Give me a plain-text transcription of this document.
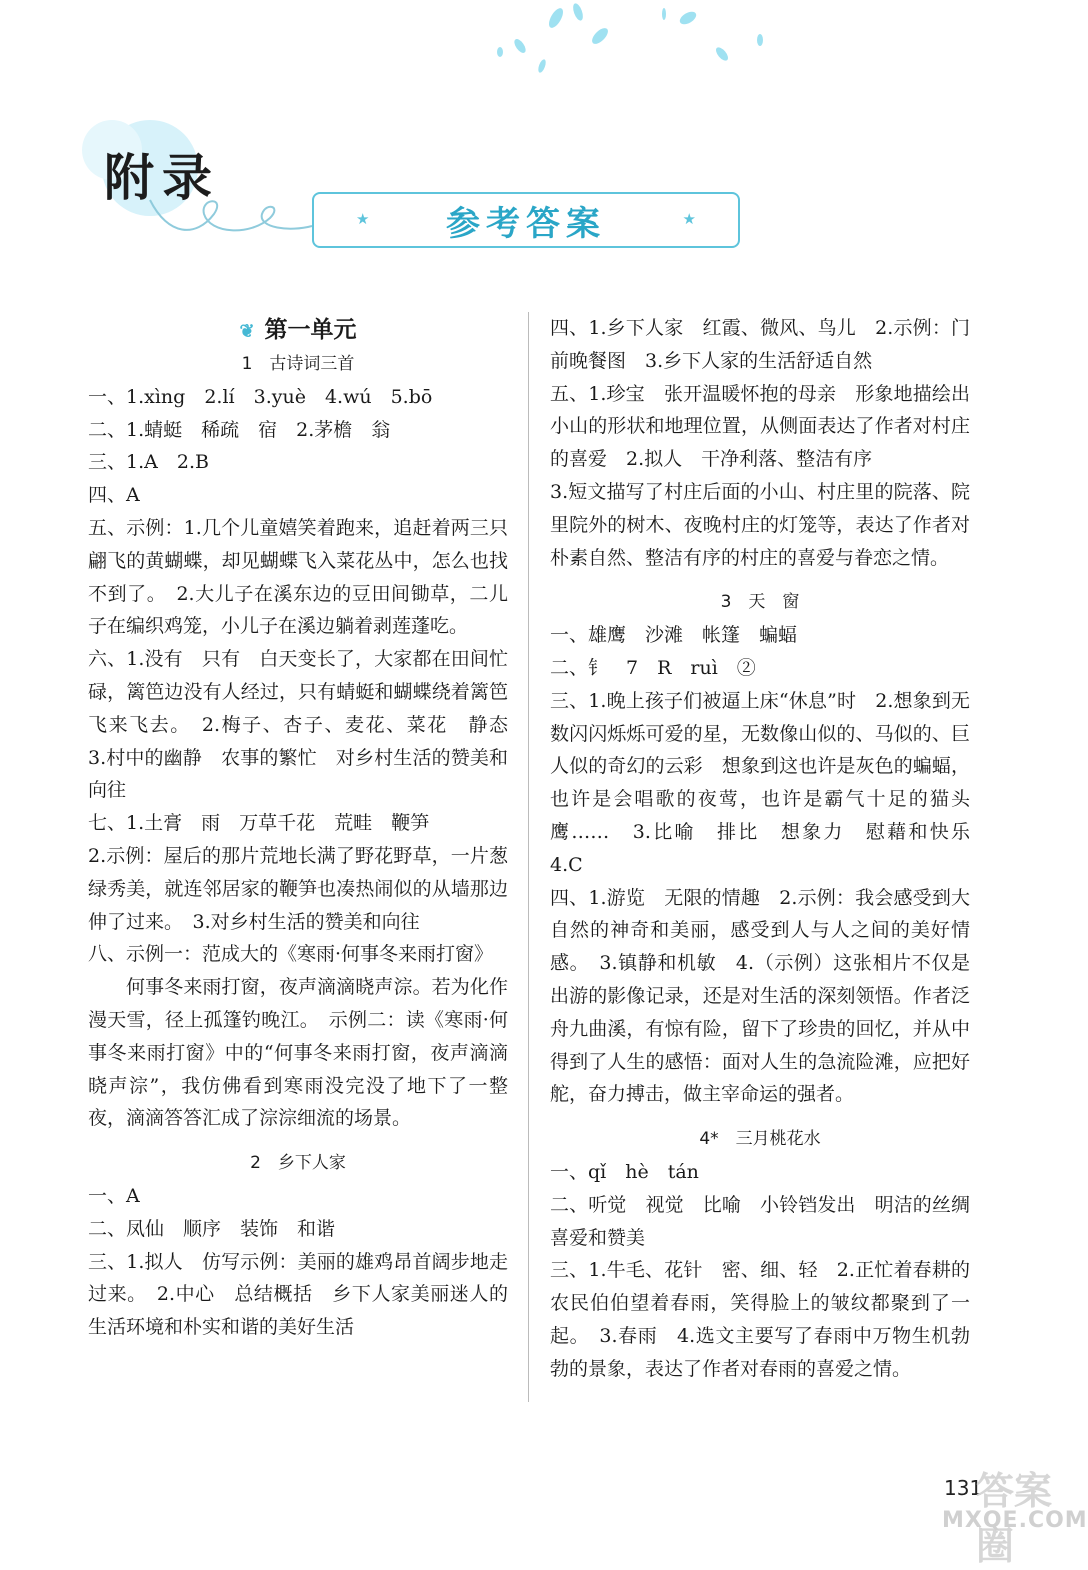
附录
★ 参考答案	★
❦ 第一单元
1　古诗词三首

一、1.xìng　2.lí　3.yuè　4.wú　5.bō

二、1.蜻蜓　稀疏　宿　2.茅檐　翁

三、1.A　2.B

四、A

五、示例：1.几个儿童嬉笑着跑来，追赶着两三只翩飞的黄蝴蝶，却见蝴蝶飞入菜花丛中，怎么也找不到了。　2.大儿子在溪东边的豆田间锄草，二儿子在编织鸡笼，小儿子在溪边躺着剥莲蓬吃。

六、1.没有　只有　白天变长了，大家都在田间忙碌，篱笆边没有人经过，只有蜻蜓和蝴蝶绕着篱笆飞来飞去。　2.梅子、杏子、麦花、菜花　静态　3.村中的幽静　农事的繁忙　对乡村生活的赞美和向往

七、1.土膏　雨　万草千花　荒畦　鞭笋

2.示例：屋后的那片荒地长满了野花野草，一片葱绿秀美，就连邻居家的鞭笋也凑热闹似的从墙那边伸了过来。　3.对乡村生活的赞美和向往

八、示例一：范成大的《寒雨·何事冬来雨打窗》

何事冬来雨打窗，夜声滴滴晓声淙。若为化作漫天雪，径上孤篷钓晚江。　示例二：读《寒雨·何事冬来雨打窗》中的“何事冬来雨打窗，夜声滴滴晓声淙”，我仿佛看到寒雨没完没了地下了一整夜，滴滴答答汇成了淙淙细流的场景。

2　乡下人家

一、A

二、凤仙　顺序　装饰　和谐

三、1.拟人　仿写示例：美丽的雄鸡昂首阔步地走过来。　2.中心　总结概括　乡下人家美丽迷人的生活环境和朴实和谐的美好生活

四、1.乡下人家　红霞、微风、鸟儿　2.示例：门前晚餐图　3.乡下人家的生活舒适自然

五、1.珍宝　张开温暖怀抱的母亲　形象地描绘出小山的形状和地理位置，从侧面表达了作者对村庄的喜爱　2.拟人　干净利落、整洁有序

3.短文描写了村庄后面的小山、村庄里的院落、院里院外的树木、夜晚村庄的灯笼等，表达了作者对朴素自然、整洁有序的村庄的喜爱与眷恋之情。

3　天　窗

一、雄鹰　沙滩　帐篷　蝙蝠

二、钅　7　R　ruì　②

三、1.晚上孩子们被逼上床“休息”时　2.想象到无数闪闪烁烁可爱的星，无数像山似的、马似的、巨人似的奇幻的云彩　想象到这也许是灰色的蝙蝠，也许是会唱歌的夜莺，也许是霸气十足的猫头鹰……　3.比喻　排比　想象力　慰藉和快乐　4.C

四、1.游览　无限的情趣　2.示例：我会感受到大自然的神奇和美丽，感受到人与人之间的美好情感。　3.镇静和机敏　4.（示例）这张相片不仅是出游的影像记录，还是对生活的深刻领悟。作者泛舟九曲溪，有惊有险，留下了珍贵的回忆，并从中得到了人生的感悟：面对人生的急流险滩，应把好舵，奋力搏击，做主宰命运的强者。

4*　三月桃花水

一、qǐ　hè　tán

二、听觉　视觉　比喻　小铃铛发出　明洁的丝绸　喜爱和赞美

三、1.牛毛、花针　密、细、轻　2.正忙着春耕的农民伯伯望着春雨，笑得脸上的皱纹都聚到了一起。　3.春雨　4.选文主要写了春雨中万物生机勃勃的景象，表达了作者对春雨的喜爱之情。

131
答案圈
MXQE.COM
